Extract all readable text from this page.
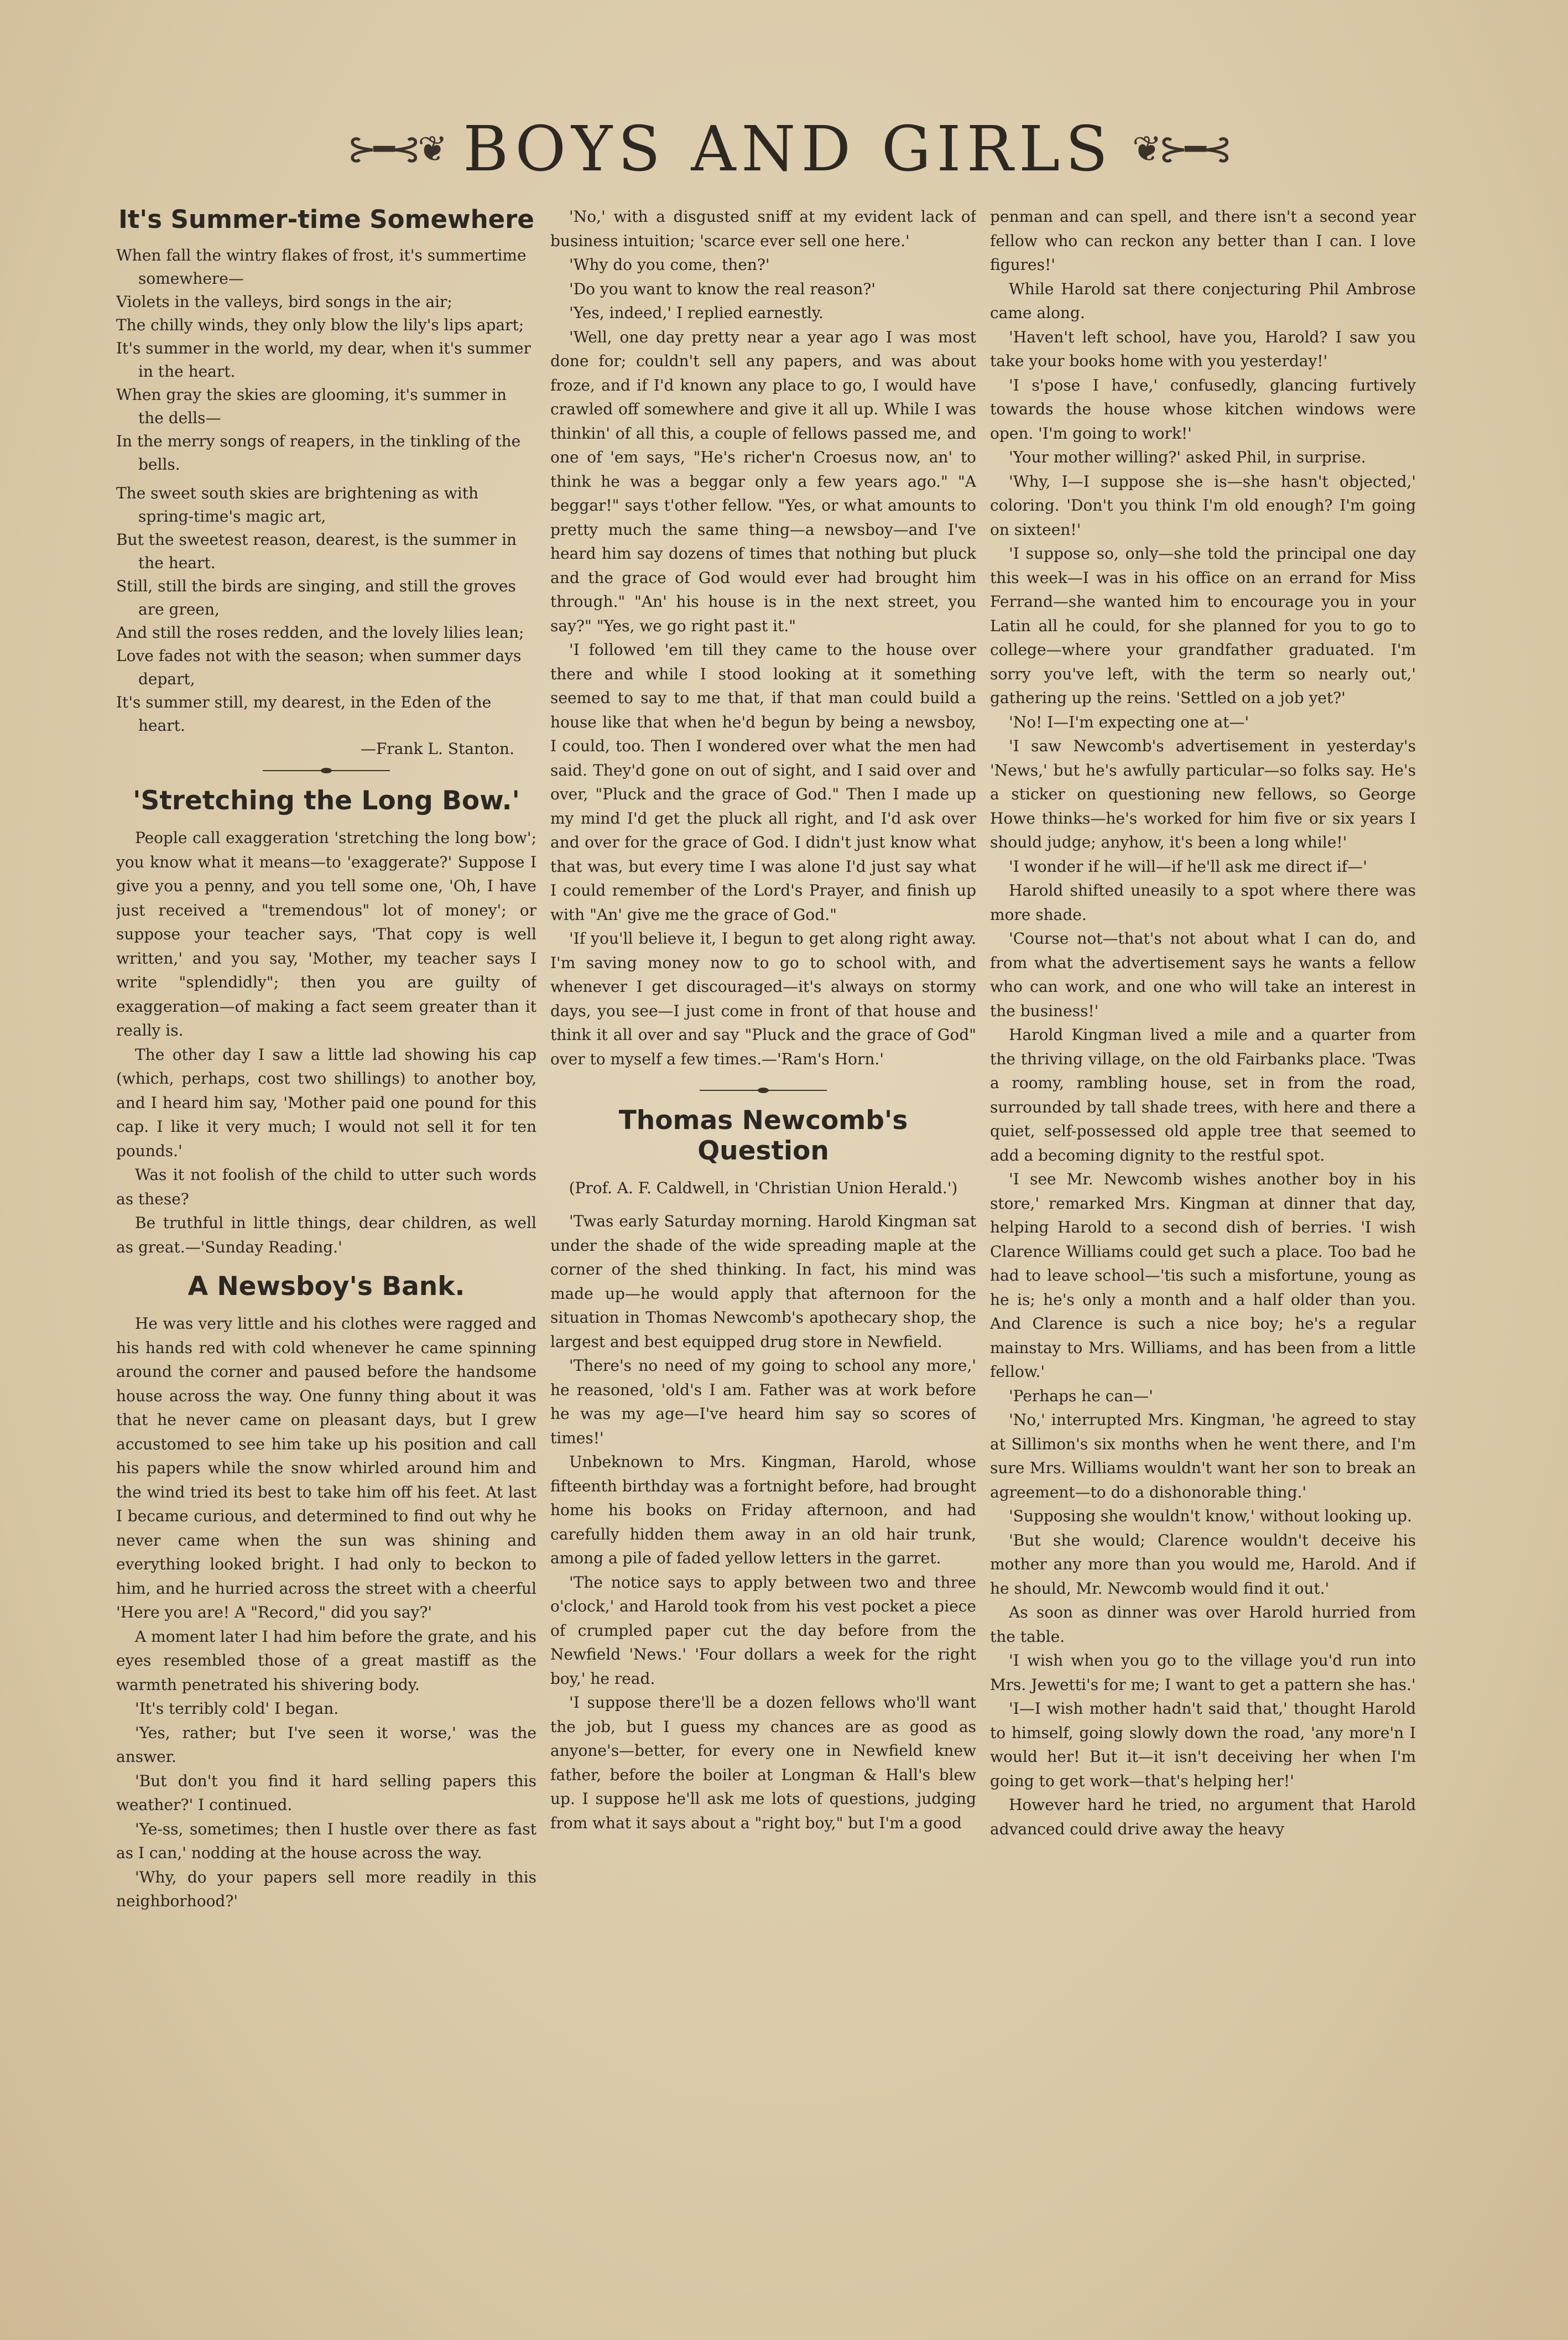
⊱━⊰❦ BOYS AND GIRLS ❦⊱━⊰
It's Summer-time Somewhere

When fall the wintry flakes of frost, it's summertime somewhere—

Violets in the valleys, bird songs in the air;

The chilly winds, they only blow the lily's lips apart;

It's summer in the world, my dear, when it's summer in the heart.

When gray the skies are glooming, it's summer in the dells—

In the merry songs of reapers, in the tinkling of the bells.

The sweet south skies are brightening as with spring-time's magic art,

But the sweetest reason, dearest, is the summer in the heart.

Still, still the birds are singing, and still the groves are green,

And still the roses redden, and the lovely lilies lean;

Love fades not with the season; when summer days depart,

It's summer still, my dearest, in the Eden of the heart.

—Frank L. Stanton.
'Stretching the Long Bow.'

People call exaggeration 'stretching the long bow'; you know what it means—to 'exaggerate?' Suppose I give you a penny, and you tell some one, 'Oh, I have just received a "tremendous" lot of money'; or suppose your teacher says, 'That copy is well written,' and you say, 'Mother, my teacher says I write "splendidly"; then you are guilty of exaggeration—of making a fact seem greater than it really is.

The other day I saw a little lad showing his cap (which, perhaps, cost two shillings) to another boy, and I heard him say, 'Mother paid one pound for this cap. I like it very much; I would not sell it for ten pounds.'

Was it not foolish of the child to utter such words as these?

Be truthful in little things, dear children, as well as great.—'Sunday Reading.'

A Newsboy's Bank.

He was very little and his clothes were ragged and his hands red with cold whenever he came spinning around the corner and paused before the handsome house across the way. One funny thing about it was that he never came on pleasant days, but I grew accustomed to see him take up his position and call his papers while the snow whirled around him and the wind tried its best to take him off his feet. At last I became curious, and determined to find out why he never came when the sun was shining and everything looked bright. I had only to beckon to him, and he hurried across the street with a cheerful 'Here you are! A "Record," did you say?'

A moment later I had him before the grate, and his eyes resembled those of a great mastiff as the warmth penetrated his shivering body.

'It's terribly cold' I began.

'Yes, rather; but I've seen it worse,' was the answer.

'But don't you find it hard selling papers this weather?' I continued.

'Ye-ss, sometimes; then I hustle over there as fast as I can,' nodding at the house across the way.

'Why, do your papers sell more readily in this neighborhood?'

'No,' with a disgusted sniff at my evident lack of business intuition; 'scarce ever sell one here.'

'Why do you come, then?'

'Do you want to know the real reason?'

'Yes, indeed,' I replied earnestly.

'Well, one day pretty near a year ago I was most done for; couldn't sell any papers, and was about froze, and if I'd known any place to go, I would have crawled off somewhere and give it all up. While I was thinkin' of all this, a couple of fellows passed me, and one of 'em says, "He's richer'n Croesus now, an' to think he was a beggar only a few years ago." "A beggar!" says t'other fellow. "Yes, or what amounts to pretty much the same thing—a newsboy—and I've heard him say dozens of times that nothing but pluck and the grace of God would ever had brought him through." "An' his house is in the next street, you say?" "Yes, we go right past it."

'I followed 'em till they came to the house over there and while I stood looking at it something seemed to say to me that, if that man could build a house like that when he'd begun by being a newsboy, I could, too. Then I wondered over what the men had said. They'd gone on out of sight, and I said over and over, "Pluck and the grace of God." Then I made up my mind I'd get the pluck all right, and I'd ask over and over for the grace of God. I didn't just know what that was, but every time I was alone I'd just say what I could remember of the Lord's Prayer, and finish up with "An' give me the grace of God."

'If you'll believe it, I begun to get along right away. I'm saving money now to go to school with, and whenever I get discouraged—it's always on stormy days, you see—I just come in front of that house and think it all over and say "Pluck and the grace of God" over to myself a few times.—'Ram's Horn.'

Thomas Newcomb's Question
(Prof. A. F. Caldwell, in 'Christian Union Herald.')

'Twas early Saturday morning. Harold Kingman sat under the shade of the wide spreading maple at the corner of the shed thinking. In fact, his mind was made up—he would apply that afternoon for the situation in Thomas Newcomb's apothecary shop, the largest and best equipped drug store in Newfield.

'There's no need of my going to school any more,' he reasoned, 'old's I am. Father was at work before he was my age—I've heard him say so scores of times!'

Unbeknown to Mrs. Kingman, Harold, whose fifteenth birthday was a fortnight before, had brought home his books on Friday afternoon, and had carefully hidden them away in an old hair trunk, among a pile of faded yellow letters in the garret.

'The notice says to apply between two and three o'clock,' and Harold took from his vest pocket a piece of crumpled paper cut the day before from the Newfield 'News.' 'Four dollars a week for the right boy,' he read.

'I suppose there'll be a dozen fellows who'll want the job, but I guess my chances are as good as anyone's—better, for every one in Newfield knew father, before the boiler at Longman & Hall's blew up. I suppose he'll ask me lots of questions, judging from what it says about a "right boy," but I'm a good

penman and can spell, and there isn't a second year fellow who can reckon any better than I can. I love figures!'

While Harold sat there conjecturing Phil Ambrose came along.

'Haven't left school, have you, Harold? I saw you take your books home with you yesterday!'

'I s'pose I have,' confusedly, glancing furtively towards the house whose kitchen windows were open. 'I'm going to work!'

'Your mother willing?' asked Phil, in surprise.

'Why, I—I suppose she is—she hasn't objected,' coloring. 'Don't you think I'm old enough? I'm going on sixteen!'

'I suppose so, only—she told the principal one day this week—I was in his office on an errand for Miss Ferrand—she wanted him to encourage you in your Latin all he could, for she planned for you to go to college—where your grandfather graduated. I'm sorry you've left, with the term so nearly out,' gathering up the reins. 'Settled on a job yet?'

'No! I—I'm expecting one at—'

'I saw Newcomb's advertisement in yesterday's 'News,' but he's awfully particular—so folks say. He's a sticker on questioning new fellows, so George Howe thinks—he's worked for him five or six years I should judge; anyhow, it's been a long while!'

'I wonder if he will—if he'll ask me direct if—'

Harold shifted uneasily to a spot where there was more shade.

'Course not—that's not about what I can do, and from what the advertisement says he wants a fellow who can work, and one who will take an interest in the business!'

Harold Kingman lived a mile and a quarter from the thriving village, on the old Fairbanks place. 'Twas a roomy, rambling house, set in from the road, surrounded by tall shade trees, with here and there a quiet, self-possessed old apple tree that seemed to add a becoming dignity to the restful spot.

'I see Mr. Newcomb wishes another boy in his store,' remarked Mrs. Kingman at dinner that day, helping Harold to a second dish of berries. 'I wish Clarence Williams could get such a place. Too bad he had to leave school—'tis such a misfortune, young as he is; he's only a month and a half older than you. And Clarence is such a nice boy; he's a regular mainstay to Mrs. Williams, and has been from a little fellow.'

'Perhaps he can—'

'No,' interrupted Mrs. Kingman, 'he agreed to stay at Sillimon's six months when he went there, and I'm sure Mrs. Williams wouldn't want her son to break an agreement—to do a dishonorable thing.'

'Supposing she wouldn't know,' without looking up.

'But she would; Clarence wouldn't deceive his mother any more than you would me, Harold. And if he should, Mr. Newcomb would find it out.'

As soon as dinner was over Harold hurried from the table.

'I wish when you go to the village you'd run into Mrs. Jewetti's for me; I want to get a pattern she has.'

'I—I wish mother hadn't said that,' thought Harold to himself, going slowly down the road, 'any more'n I would her! But it—it isn't deceiving her when I'm going to get work—that's helping her!'

However hard he tried, no argument that Harold advanced could drive away the heavy
